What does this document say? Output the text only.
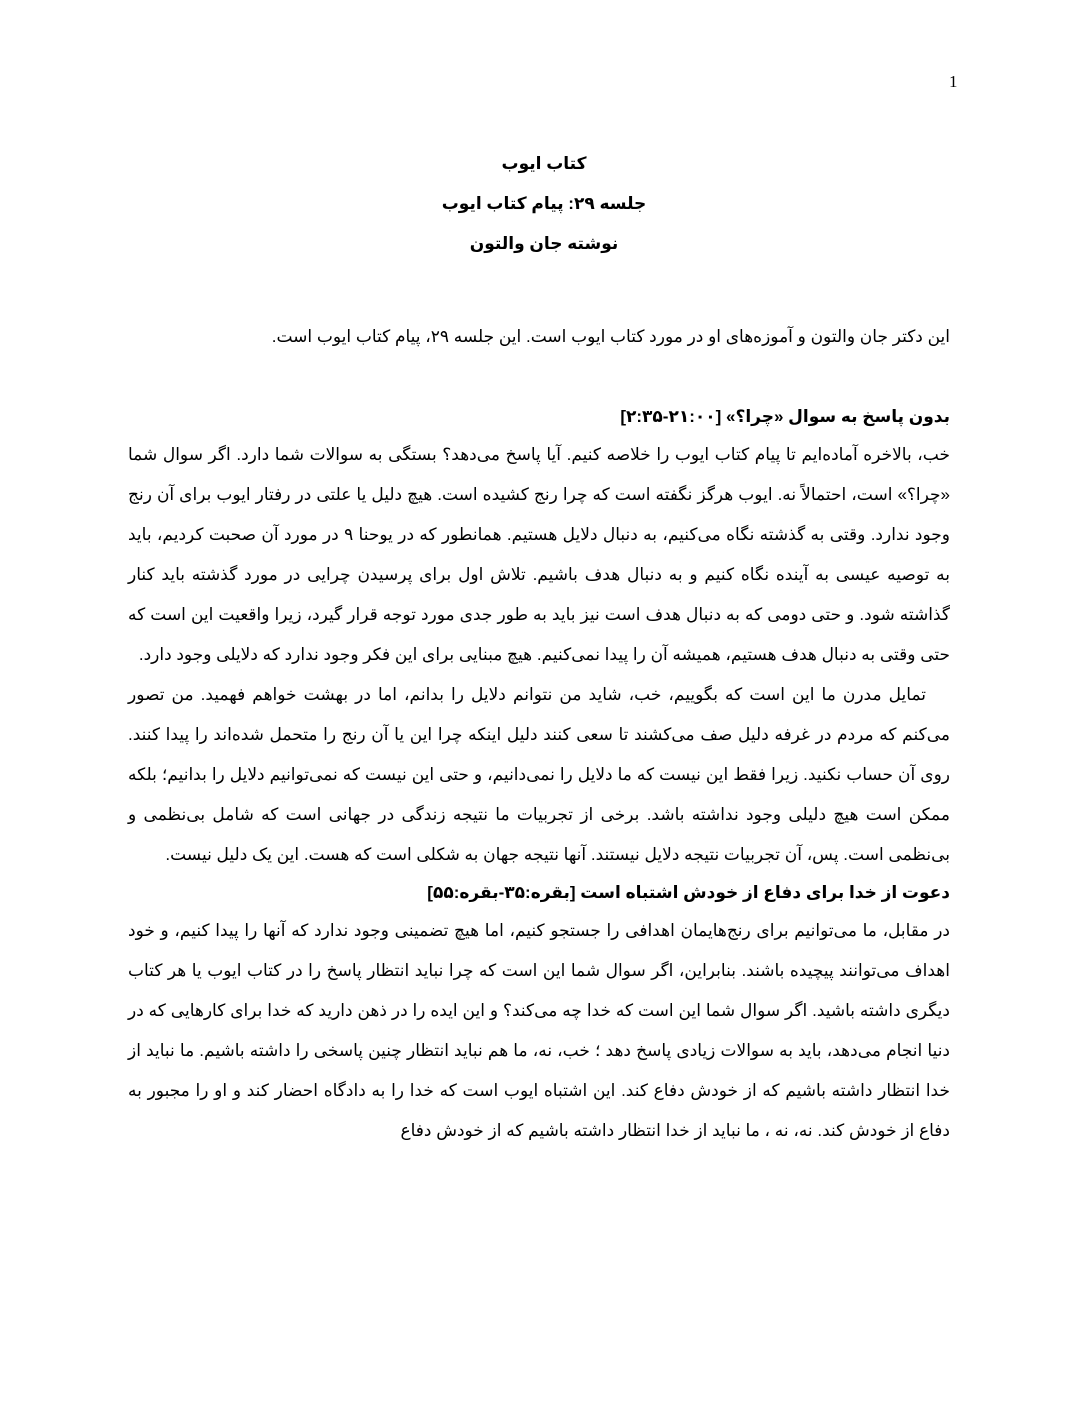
1
کتاب ایوب
جلسه ۲۹: پیام کتاب ایوب
نوشته جان والتون

این دکتر جان والتون و آموزه‌های او در مورد کتاب ایوب است. این جلسه ۲۹، پیام کتاب ایوب است.

بدون پاسخ به سوال «چرا؟» [۲۱:۰۰-۲:۳۵]

خب، بالاخره آماده‌ایم تا پیام کتاب ایوب را خلاصه کنیم. آیا پاسخ می‌دهد؟ بستگی به سوالات شما دارد. اگر سوال شما «چرا؟» است، احتمالاً نه. ایوب هرگز نگفته است که چرا رنج کشیده است. هیچ دلیل یا علتی در رفتار ایوب برای آن رنج وجود ندارد. وقتی به گذشته نگاه می‌کنیم، به دنبال دلایل هستیم. همانطور که در یوحنا ۹ در مورد آن صحبت کردیم، باید به توصیه عیسی به آینده نگاه کنیم و به دنبال هدف باشیم. تلاش اول برای پرسیدن چرایی در مورد گذشته باید کنار گذاشته شود. و حتی دومی که به دنبال هدف است نیز باید به طور جدی مورد توجه قرار گیرد، زیرا واقعیت این است که حتی وقتی به دنبال هدف هستیم، همیشه آن را پیدا نمی‌کنیم. هیچ مبنایی برای این فکر وجود ندارد که دلایلی وجود دارد.

تمایل مدرن ما این است که بگوییم، خب، شاید من نتوانم دلایل را بدانم، اما در بهشت خواهم فهمید. من تصور می‌کنم که مردم در غرفه دلیل صف می‌کشند تا سعی کنند دلیل اینکه چرا این یا آن رنج را متحمل شده‌اند را پیدا کنند. روی آن حساب نکنید. زیرا فقط این نیست که ما دلایل را نمی‌دانیم، و حتی این نیست که نمی‌توانیم دلایل را بدانیم؛ بلکه ممکن است هیچ دلیلی وجود نداشته باشد. برخی از تجربیات ما نتیجه زندگی در جهانی است که شامل بی‌نظمی و بی‌نظمی است. پس، آن تجربیات نتیجه دلایل نیستند. آنها نتیجه جهان به شکلی است که هست. این یک دلیل نیست.

دعوت از خدا برای دفاع از خودش اشتباه است [بقره:۳۵-بقره:۵۵]

در مقابل، ما می‌توانیم برای رنج‌هایمان اهدافی را جستجو کنیم، اما هیچ تضمینی وجود ندارد که آنها را پیدا کنیم، و خود اهداف می‌توانند پیچیده باشند. بنابراین، اگر سوال شما این است که چرا نباید انتظار پاسخ را در کتاب ایوب یا هر کتاب دیگری داشته باشید. اگر سوال شما این است که خدا چه می‌کند؟ و این ایده را در ذهن دارید که خدا برای کارهایی که در دنیا انجام می‌دهد، باید به سوالات زیادی پاسخ دهد ؛ خب، نه، ما هم نباید انتظار چنین پاسخی را داشته باشیم. ما نباید از خدا انتظار داشته باشیم که از خودش دفاع کند. این اشتباه ایوب است که خدا را به دادگاه احضار کند و او را مجبور به دفاع از خودش کند. نه، نه ، ما نباید از خدا انتظار داشته باشیم که از خودش دفاع
